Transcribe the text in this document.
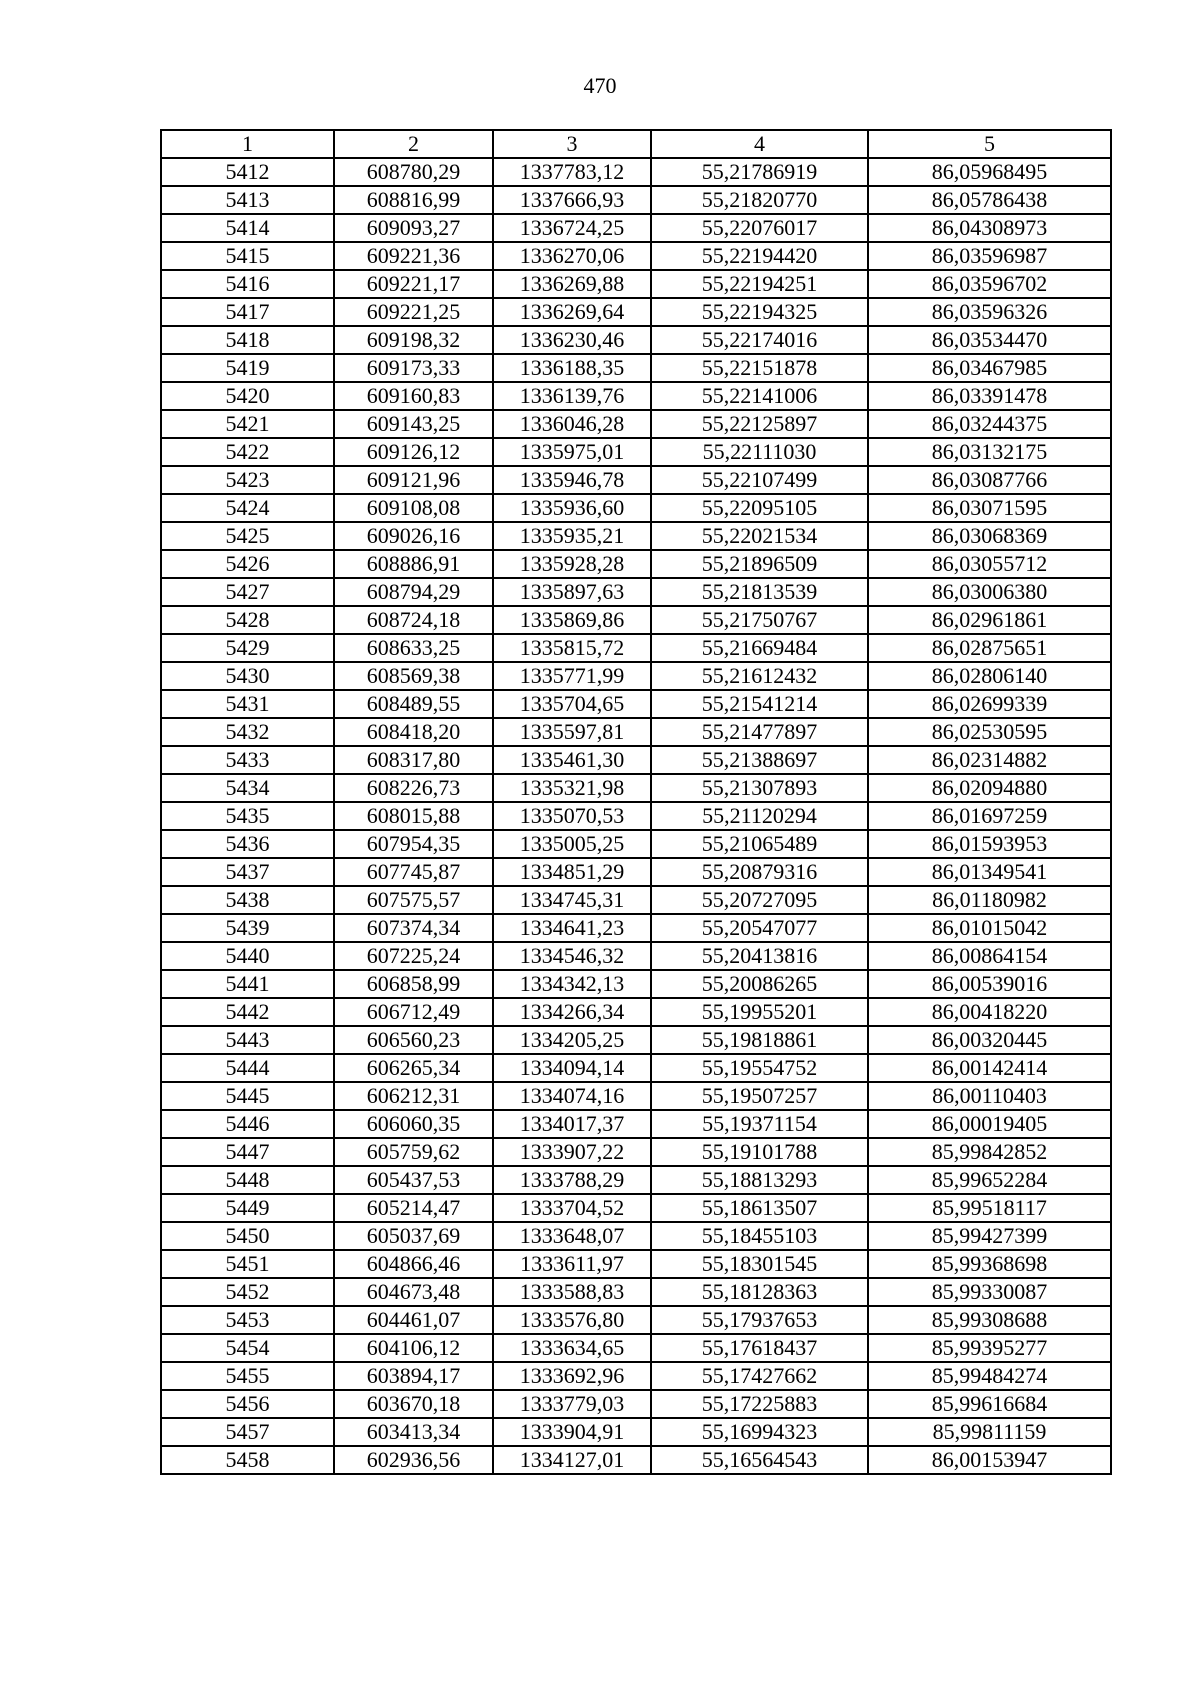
470
1	2	3	4	5
5412	608780,29	1337783,12	55,21786919	86,05968495
5413	608816,99	1337666,93	55,21820770	86,05786438
5414	609093,27	1336724,25	55,22076017	86,04308973
5415	609221,36	1336270,06	55,22194420	86,03596987
5416	609221,17	1336269,88	55,22194251	86,03596702
5417	609221,25	1336269,64	55,22194325	86,03596326
5418	609198,32	1336230,46	55,22174016	86,03534470
5419	609173,33	1336188,35	55,22151878	86,03467985
5420	609160,83	1336139,76	55,22141006	86,03391478
5421	609143,25	1336046,28	55,22125897	86,03244375
5422	609126,12	1335975,01	55,22111030	86,03132175
5423	609121,96	1335946,78	55,22107499	86,03087766
5424	609108,08	1335936,60	55,22095105	86,03071595
5425	609026,16	1335935,21	55,22021534	86,03068369
5426	608886,91	1335928,28	55,21896509	86,03055712
5427	608794,29	1335897,63	55,21813539	86,03006380
5428	608724,18	1335869,86	55,21750767	86,02961861
5429	608633,25	1335815,72	55,21669484	86,02875651
5430	608569,38	1335771,99	55,21612432	86,02806140
5431	608489,55	1335704,65	55,21541214	86,02699339
5432	608418,20	1335597,81	55,21477897	86,02530595
5433	608317,80	1335461,30	55,21388697	86,02314882
5434	608226,73	1335321,98	55,21307893	86,02094880
5435	608015,88	1335070,53	55,21120294	86,01697259
5436	607954,35	1335005,25	55,21065489	86,01593953
5437	607745,87	1334851,29	55,20879316	86,01349541
5438	607575,57	1334745,31	55,20727095	86,01180982
5439	607374,34	1334641,23	55,20547077	86,01015042
5440	607225,24	1334546,32	55,20413816	86,00864154
5441	606858,99	1334342,13	55,20086265	86,00539016
5442	606712,49	1334266,34	55,19955201	86,00418220
5443	606560,23	1334205,25	55,19818861	86,00320445
5444	606265,34	1334094,14	55,19554752	86,00142414
5445	606212,31	1334074,16	55,19507257	86,00110403
5446	606060,35	1334017,37	55,19371154	86,00019405
5447	605759,62	1333907,22	55,19101788	85,99842852
5448	605437,53	1333788,29	55,18813293	85,99652284
5449	605214,47	1333704,52	55,18613507	85,99518117
5450	605037,69	1333648,07	55,18455103	85,99427399
5451	604866,46	1333611,97	55,18301545	85,99368698
5452	604673,48	1333588,83	55,18128363	85,99330087
5453	604461,07	1333576,80	55,17937653	85,99308688
5454	604106,12	1333634,65	55,17618437	85,99395277
5455	603894,17	1333692,96	55,17427662	85,99484274
5456	603670,18	1333779,03	55,17225883	85,99616684
5457	603413,34	1333904,91	55,16994323	85,99811159
5458	602936,56	1334127,01	55,16564543	86,00153947
